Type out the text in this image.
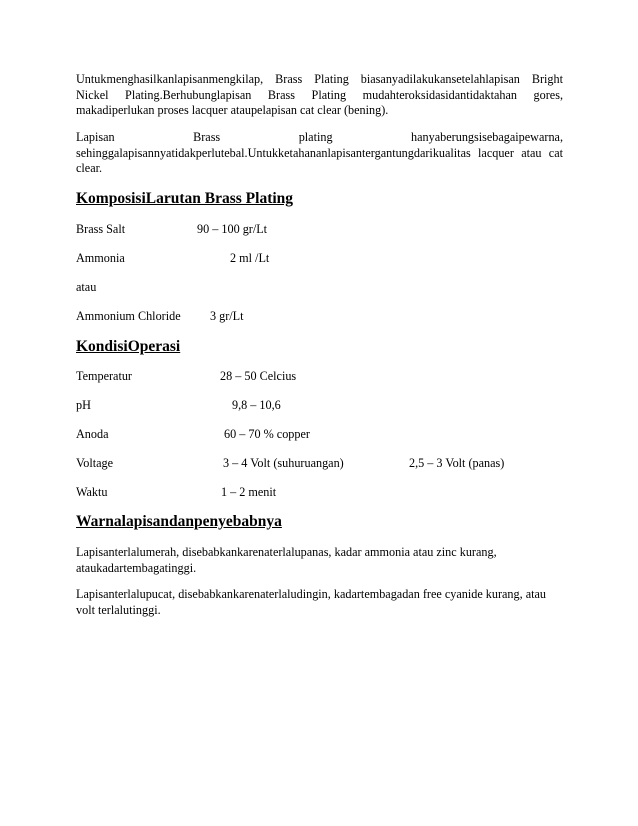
Untukmenghasilkanlapisanmengkilap, Brass Plating biasanyadilakukansetelahlapisan Bright

Nickel Plating.Berhubunglapisan Brass Plating mudahteroksidasidantidaktahan gores,

makadiperlukan proses lacquer ataupelapisan cat clear (bening).

Lapisan Brass plating hanyaberungsisebagaipewarna,

sehinggalapisannyatidakperlutebal.Untukketahananlapisantergantungdarikualitas lacquer atau cat

clear.

KomposisiLarutan Brass Plating
Brass Salt	90 – 100 gr/Lt
Ammonia	2 ml /Lt
atau
Ammonium Chloride 3 gr/Lt
KondisiOperasi
Temperatur	28 – 50 Celcius
pH	9,8 – 10,6
Anoda	60 – 70 % copper
Voltage	3 – 4 Volt (suhuruangan)	2,5 – 3 Volt (panas)
Waktu	1 – 2 menit
Warnalapisandanpenyebabnya

Lapisanterlalumerah, disebabkankarenaterlalupanas, kadar ammonia atau zinc kurang,

ataukadartembagatinggi.

Lapisanterlalupucat, disebabkankarenaterlaludingin, kadartembagadan free cyanide kurang, atau

volt terlalutinggi.
